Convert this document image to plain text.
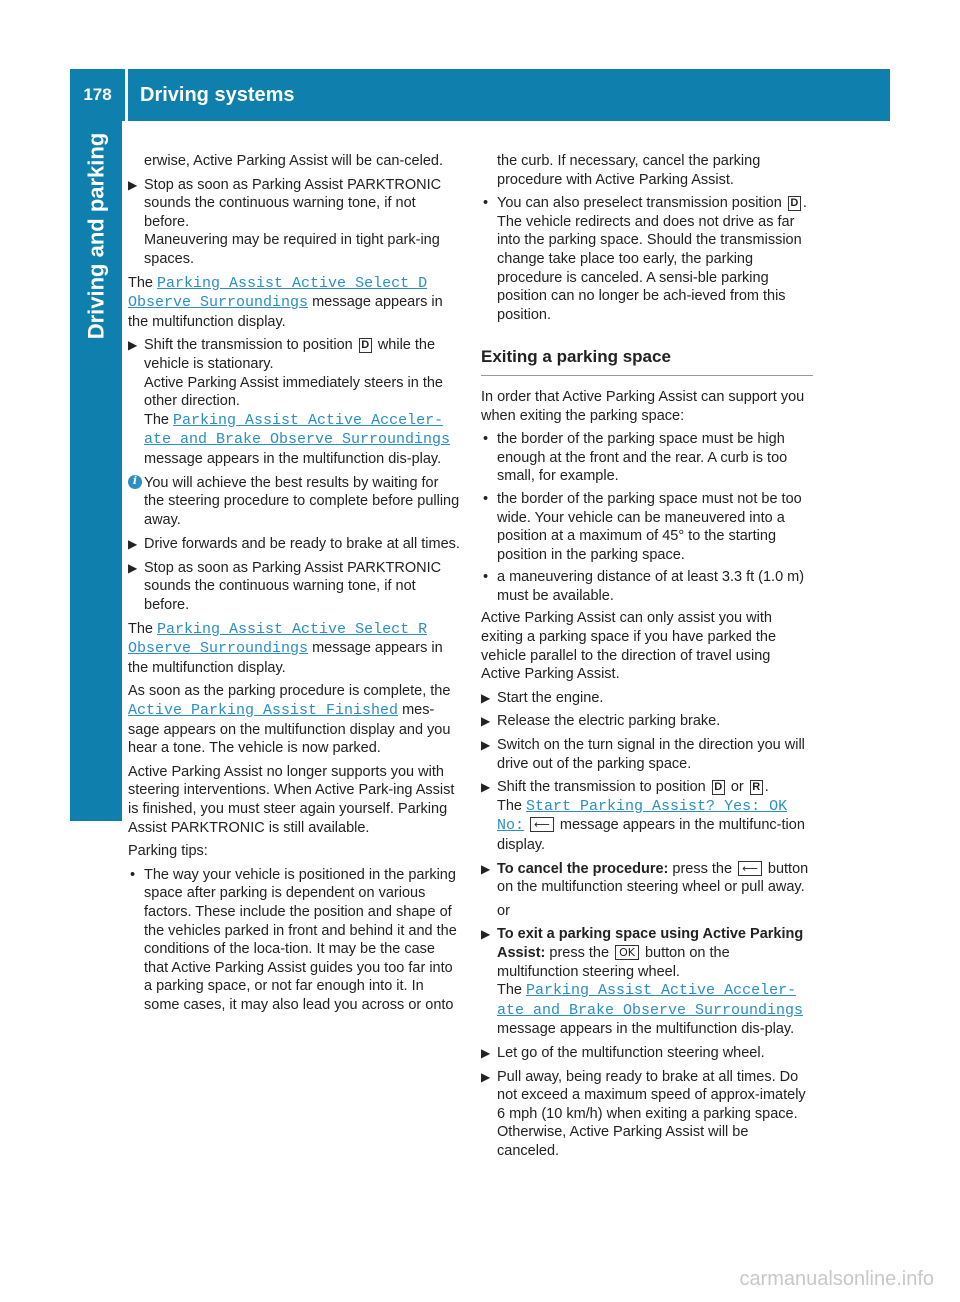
178	Driving systems
Driving and parking	erwise, Active Parking Assist will be can-celed.

▶ Stop as soon as Parking Assist PARKTRONIC sounds the continuous warning tone, if not before.
Maneuvering may be required in tight park-ing spaces.

The Parking Assist Active Select D Observe Surroundings message appears in the multifunction display.

▶ Shift the transmission to position D while the vehicle is stationary.
Active Parking Assist immediately steers in the other direction.
The Parking Assist Active Acceler-ate and Brake Observe Surroundings message appears in the multifunction dis-play.
i You will achieve the best results by waiting for the steering procedure to complete before pulling away.
▶ Drive forwards and be ready to brake at all times.
▶ Stop as soon as Parking Assist PARKTRONIC sounds the continuous warning tone, if not before.

The Parking Assist Active Select R Observe Surroundings message appears in the multifunction display.

As soon as the parking procedure is complete, the Active Parking Assist Finished mes-sage appears on the multifunction display and you hear a tone. The vehicle is now parked.

Active Parking Assist no longer supports you with steering interventions. When Active Park-ing Assist is finished, you must steer again yourself. Parking Assist PARKTRONIC is still available.

Parking tips:

• The way your vehicle is positioned in the parking space after parking is dependent on various factors. These include the position and shape of the vehicles parked in front and behind it and the conditions of the loca-tion. It may be the case that Active Parking Assist guides you too far into a parking space, or not far enough into it. In some cases, it may also lead you across or onto

the curb. If necessary, cancel the parking procedure with Active Parking Assist.

• You can also preselect transmission position D . The vehicle redirects and does not drive as far into the parking space. Should the transmission change take place too early, the parking procedure is canceled. A sensi-ble parking position can no longer be ach-ieved from this position.
Exiting a parking space

In order that Active Parking Assist can support you when exiting the parking space:

• the border of the parking space must be high enough at the front and the rear. A curb is too small, for example.
• the border of the parking space must not be too wide. Your vehicle can be maneuvered into a position at a maximum of 45° to the starting position in the parking space.
• a maneuvering distance of at least 3.3 ft (1.0 m) must be available.

Active Parking Assist can only assist you with exiting a parking space if you have parked the vehicle parallel to the direction of travel using Active Parking Assist.

▶ Start the engine.
▶ Release the electric parking brake.
▶ Switch on the turn signal in the direction you will drive out of the parking space.
▶ Shift the transmission to position D or R .
The Start Parking Assist? Yes: OK No: ⟵ message appears in the multifunc-tion display.
▶ To cancel the procedure: press the ⟵ button on the multifunction steering wheel or pull away.

or

▶ To exit a parking space using Active Parking Assist: press the OK button on the multifunction steering wheel.
The Parking Assist Active Acceler-ate and Brake Observe Surroundings message appears in the multifunction dis-play.
▶ Let go of the multifunction steering wheel.
▶ Pull away, being ready to brake at all times. Do not exceed a maximum speed of approx-imately 6 mph (10 km/h) when exiting a parking space. Otherwise, Active Parking Assist will be canceled.
carmanualsonline.info
